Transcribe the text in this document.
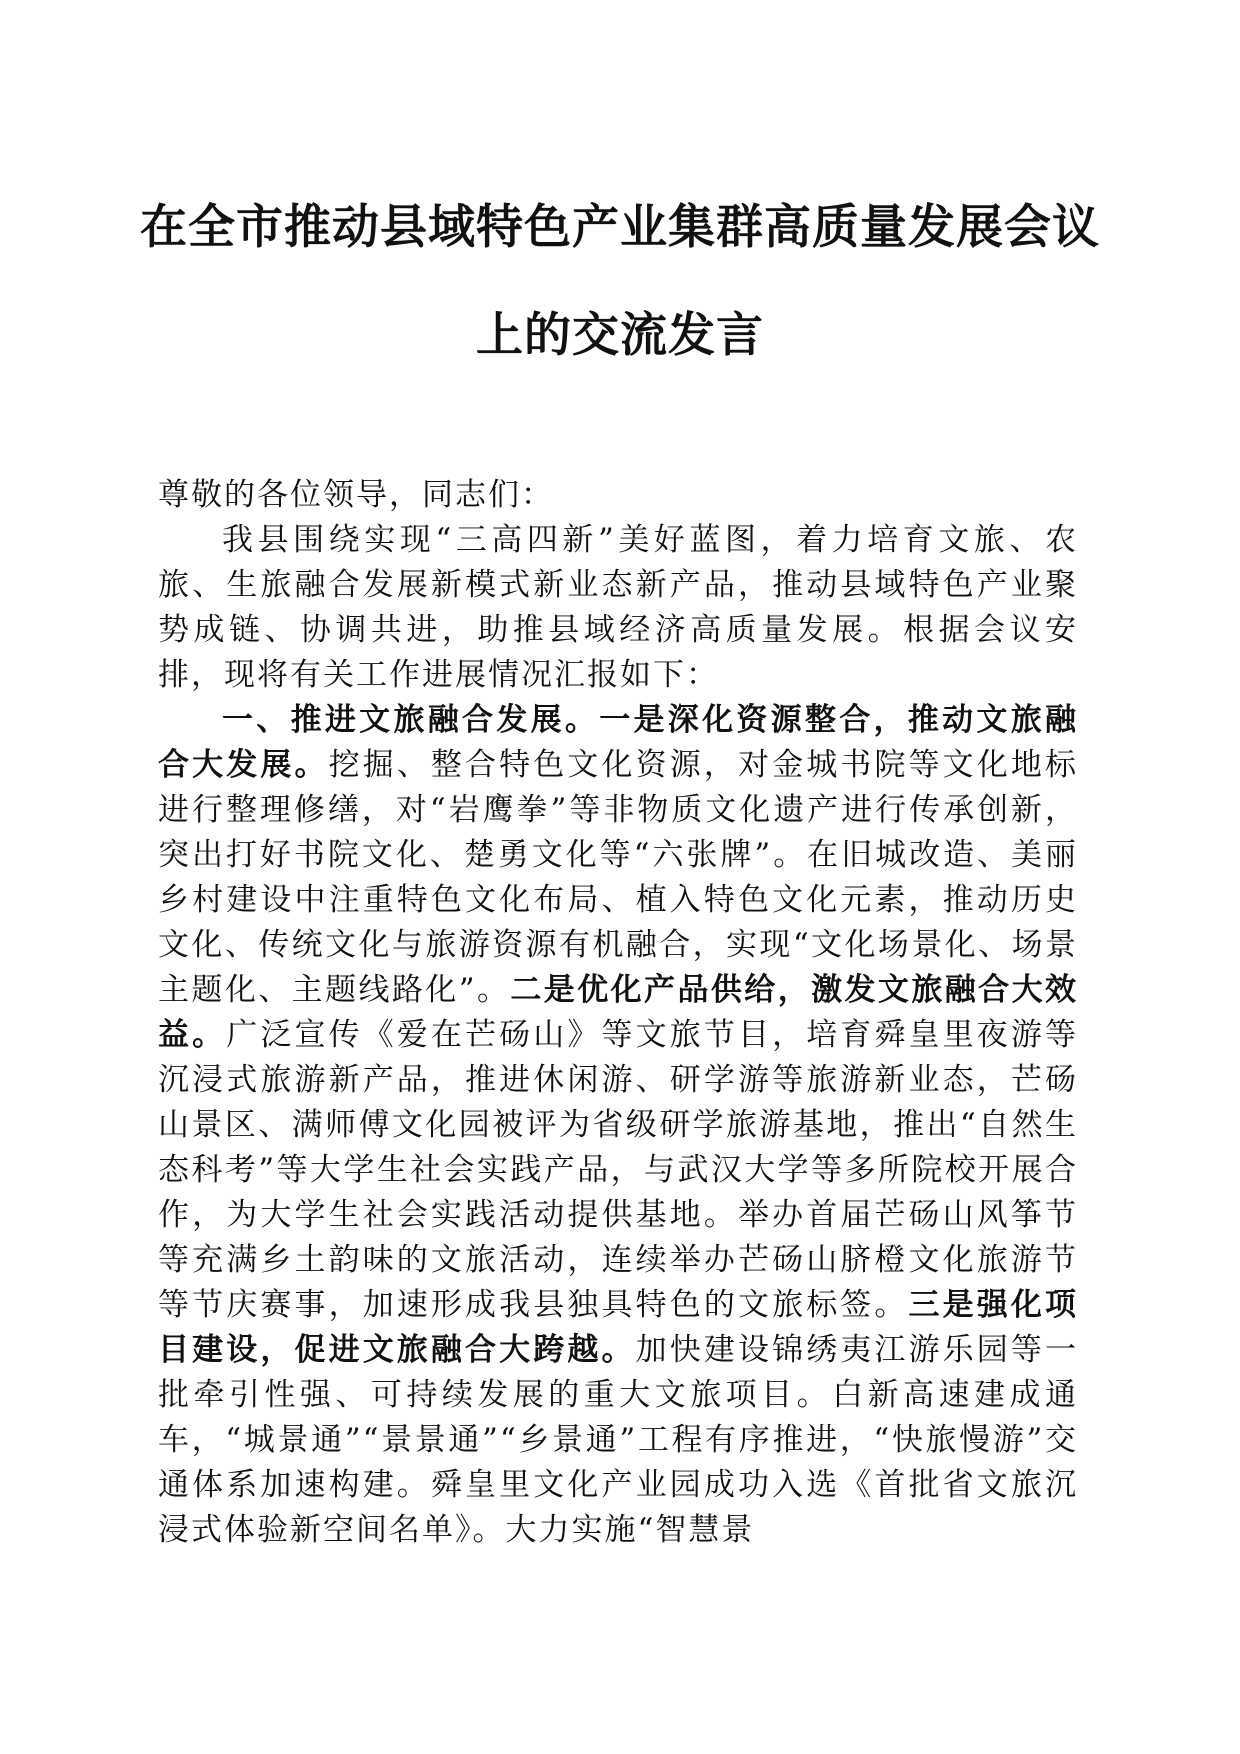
在全市推动县域特色产业集群高质量发展会议
上的交流发言

尊敬的各位领导，同志们：

我县围绕实现“三高四新”美好蓝图，着力培育文旅、农旅、生旅融合发展新模式新业态新产品，推动县域特色产业聚势成链、协调共进，助推县域经济高质量发展。根据会议安排，现将有关工作进展情况汇报如下：

一、推进文旅融合发展。一是深化资源整合，推动文旅融合大发展。挖掘、整合特色文化资源，对金城书院等文化地标进行整理修缮，对“岩鹰拳”等非物质文化遗产进行传承创新，突出打好书院文化、楚勇文化等“六张牌”。在旧城改造、美丽乡村建设中注重特色文化布局、植入特色文化元素，推动历史文化、传统文化与旅游资源有机融合，实现“文化场景化、场景主题化、主题线路化”。二是优化产品供给，激发文旅融合大效益。广泛宣传《爱在芒砀山》等文旅节目，培育舜皇里夜游等沉浸式旅游新产品，推进休闲游、研学游等旅游新业态，芒砀山景区、满师傅文化园被评为省级研学旅游基地，推出“自然生态科考”等大学生社会实践产品，与武汉大学等多所院校开展合作，为大学生社会实践活动提供基地。举办首届芒砀山风筝节等充满乡土韵味的文旅活动，连续举办芒砀山脐橙文化旅游节等节庆赛事，加速形成我县独具特色的文旅标签。三是强化项目建设，促进文旅融合大跨越。加快建设锦绣夷江游乐园等一批牵引性强、可持续发展的重大文旅项目。白新高速建成通车，“城景通”“景景通”“乡景通”工程有序推进，“快旅慢游”交通体系加速构建。舜皇里文化产业园成功入选《首批省文旅沉浸式体验新空间名单》。大力实施“智慧景
